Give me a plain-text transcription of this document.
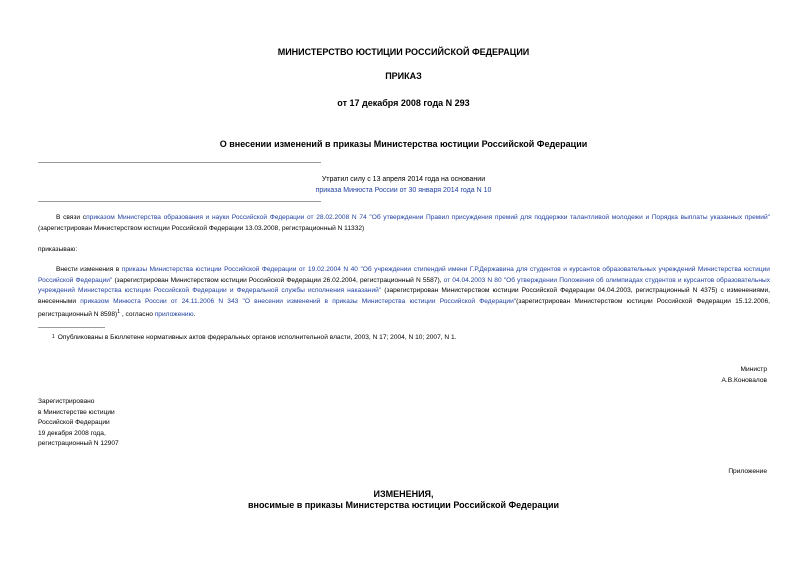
МИНИСТЕРСТВО ЮСТИЦИИ РОССИЙСКОЙ ФЕДЕРАЦИИ
ПРИКАЗ
от 17 декабря 2008 года N 293
О внесении изменений в приказы Министерства юстиции Российской Федерации
Утратил силу с 13 апреля 2014 года на основании
приказа Минюста России от 30 января 2014 года N 10
В связи сприказом Министерства образования и науки Российской Федерации от 28.02.2008 N 74 "Об утверждении Правил присуждения премий для поддержки талантливой молодежи и Порядка выплаты указанных премий" (зарегистрирован Министерством юстиции Российской Федерации 13.03.2008, регистрационный N 11332)
приказываю:
Внести изменения в приказы Министерства юстиции Российской Федерации от 19.02.2004 N 40 "Об учреждении стипендий имени Г.Р.Державина для студентов и курсантов образовательных учреждений Министерства юстиции Российской Федерации" (зарегистрирован Министерством юстиции Российской Федерации 26.02.2004, регистрационный N 5587), от 04.04.2003 N 80 "Об утверждении Положения об олимпиадах студентов и курсантов образовательных учреждений Министерства юстиции Российской Федерации и Федеральной службы исполнения наказаний" (зарегистрирован Министерством юстиции Российской Федерации 04.04.2003, регистрационный N 4375) с изменениями, внесенными приказом Минюста России от 24.11.2006 N 343 "О внесении изменений в приказы Министерства юстиции Российской Федерации"(зарегистрирован Министерством юстиции Российской Федерации 15.12.2006, регистрационный N 8598)$^1$ , согласно приложению.
1 Опубликованы в Бюллетене нормативных актов федеральных органов исполнительной власти, 2003, N 17; 2004, N 10; 2007, N 1.
Министр
А.В.Коновалов
Зарегистрировано
в Министерстве юстиции
Российской Федерации
19 декабря 2008 года,
регистрационный N 12907
Приложение
ИЗМЕНЕНИЯ,
вносимые в приказы Министерства юстиции Российской Федерации
